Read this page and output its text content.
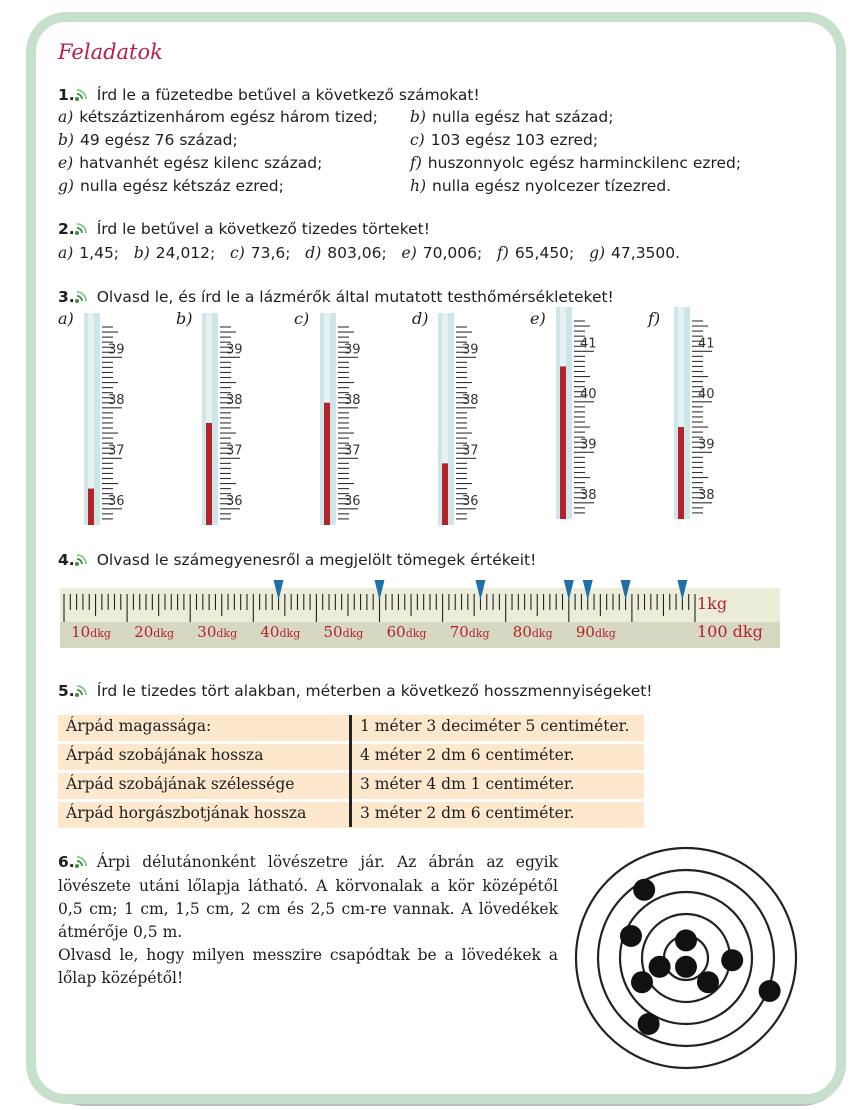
Feladatok
1. Írd le a füzetedbe betűvel a következő számokat!
a) kétszáztizenhárom egész három tized; b) nulla egész hat század;
b) 49 egész 76 század;	c) 103 egész 103 ezred;
e) hatvanhét egész kilenc század;	f) huszonnyolc egész harminckilenc ezred;
g) nulla egész kétszáz ezred;	h) nulla egész nyolcezer tízezred.
2. Írd le betűvel a következő tizedes törteket!
a) 1,45; b) 24,012; c) 73,6; d) 803,06; e) 70,006; f) 65,450; g) 47,3500.
3. Olvasd le, és írd le a lázmérők által mutatott testhőmérsékleteket!
a)
39
38
37
36
b)
39
38
37
36
c)
39
38
37
36
d)
39
38
37
36
e)
41
40
39
38
f)
41
40
39
38
4. Olvasd le számegyenesről a megjelölt tömegek értékeit!
10dkg 20dkg 30dkg 40dkg 50dkg 60dkg 70dkg 80dkg 90dkg
1kg
100 dkg
5. Írd le tizedes tört alakban, méterben a következő hosszmennyiségeket!
Árpád magassága:	1 méter 3 deciméter 5 centiméter.
Árpád szobájának hossza	4 méter 2 dm 6 centiméter.
Árpád szobájának szélessége	3 méter 4 dm 1 centiméter.
Árpád horgászbotjának hossza	3 méter 2 dm 6 centiméter.
6. Árpi délutánonként lövészetre jár. Az ábrán az egyik lövészete utáni lőlapja látható. A körvonalak a kör középétől 0,5 cm; 1 cm, 1,5 cm, 2 cm és 2,5 cm-re vannak. A lövedékek átmérője 0,5 m.
Olvasd le, hogy milyen messzire csapódtak be a lövedékek a lőlap középétől!
